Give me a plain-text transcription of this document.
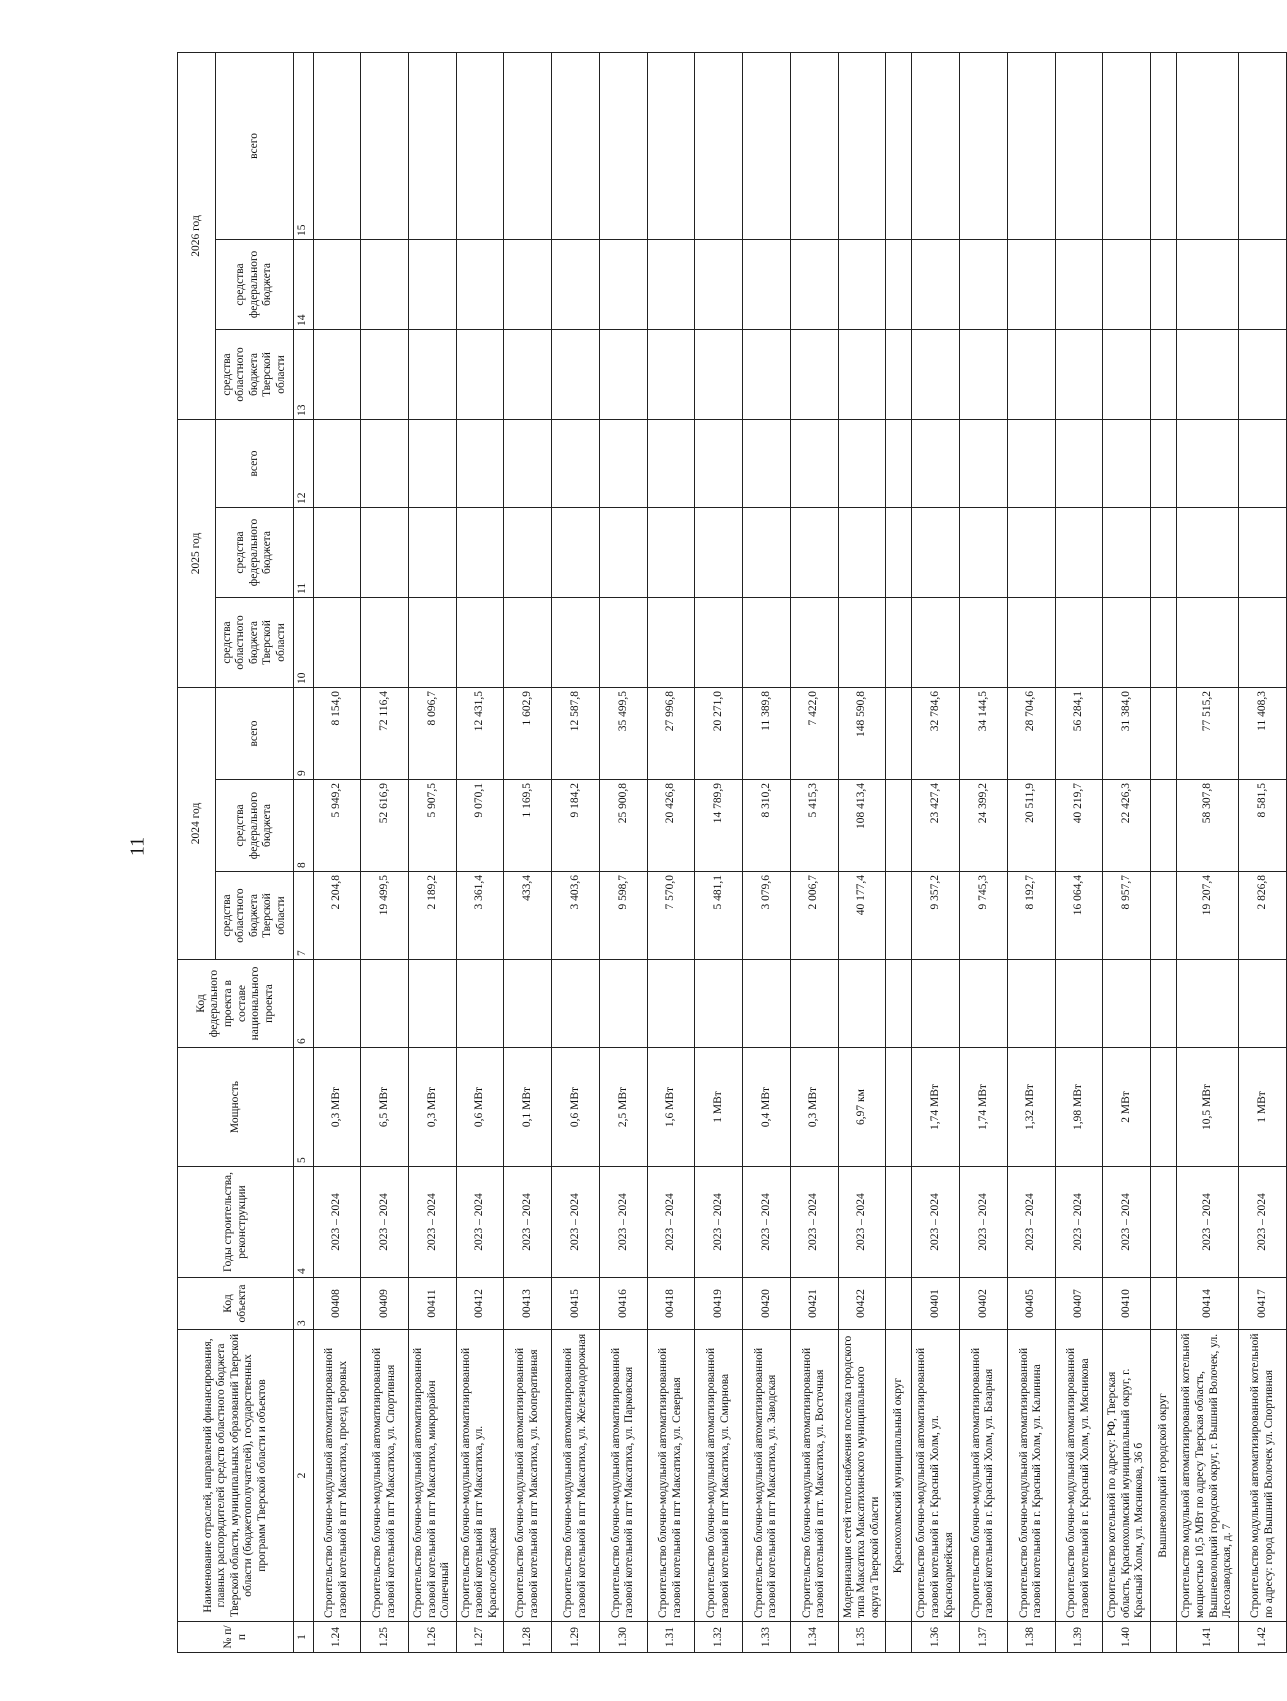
11
№ п/п	Наименование отраслей, направлений финансирования, главных распорядителей средств областного бюджета Тверской области, муниципальных образований Тверской области (бюджетополучателей), государственных программ Тверской области и объектов	Код объекта	Годы строительства, реконструкции	Мощность	Код федерального проекта в составе национального проекта	2024 год			2025 год			2026 год		
						средства областного бюджета Тверской области	средства федерального бюджета	всего	средства областного бюджета Тверской области	средства федерального бюджета	всего	средства областного бюджета Тверской области	средства федерального бюджета	всего
1	2	3	4	5	6	7	8	9	10	11	12	13	14	15
1.24	Строительство блочно-модульной автоматизированной газовой котельной в пгт Максатиха, проезд Боровых	00408	2023 – 2024	0,3 МВт		2 204,8	5 949,2	8 154,0						
1.25	Строительство блочно-модульной автоматизированной газовой котельной в пгт Максатиха, ул. Спортивная	00409	2023 – 2024	6,5 МВт		19 499,5	52 616,9	72 116,4						
1.26	Строительство блочно-модульной автоматизированной газовой котельной в пгт Максатиха, микрорайон Солнечный	00411	2023 – 2024	0,3 МВт		2 189,2	5 907,5	8 096,7						
1.27	Строительство блочно-модульной автоматизированной газовой котельной в пгт Максатиха, ул. Краснослободская	00412	2023 – 2024	0,6 МВт		3 361,4	9 070,1	12 431,5						
1.28	Строительство блочно-модульной автоматизированной газовой котельной в пгт Максатиха, ул. Кооперативная	00413	2023 – 2024	0,1 МВт		433,4	1 169,5	1 602,9						
1.29	Строительство блочно-модульной автоматизированной газовой котельной в пгт Максатиха, ул. Железнодорожная	00415	2023 – 2024	0,6 МВт		3 403,6	9 184,2	12 587,8						
1.30	Строительство блочно-модульной автоматизированной газовой котельной в пгт Максатиха, ул. Парковская	00416	2023 – 2024	2,5 МВт		9 598,7	25 900,8	35 499,5						
1.31	Строительство блочно-модульной автоматизированной газовой котельной в пгт Максатиха, ул. Северная	00418	2023 – 2024	1,6 МВт		7 570,0	20 426,8	27 996,8						
1.32	Строительство блочно-модульной автоматизированной газовой котельной в пгт Максатиха, ул. Смирнова	00419	2023 – 2024	1 МВт		5 481,1	14 789,9	20 271,0						
1.33	Строительство блочно-модульной автоматизированной газовой котельной в пгт Максатиха, ул. Заводская	00420	2023 – 2024	0,4 МВт		3 079,6	8 310,2	11 389,8						
1.34	Строительство блочно-модульной автоматизированной газовой котельной в пгт. Максатиха, ул. Восточная	00421	2023 – 2024	0,3 МВт		2 006,7	5 415,3	7 422,0						
1.35	Модернизация сетей теплоснабжения поселка городского типа Максатиха Максатихинского муниципального округа Тверской области	00422	2023 – 2024	6,97 км		40 177,4	108 413,4	148 590,8						
	Краснохолмский муниципальный округ													
1.36	Строительство блочно-модульной автоматизированной газовой котельной в г. Красный Холм, ул. Красноармейская	00401	2023 – 2024	1,74 МВт		9 357,2	23 427,4	32 784,6						
1.37	Строительство блочно-модульной автоматизированной газовой котельной в г. Красный Холм, ул. Базарная	00402	2023 – 2024	1,74 МВт		9 745,3	24 399,2	34 144,5						
1.38	Строительство блочно-модульной автоматизированной газовой котельной в г. Красный Холм, ул. Калинина	00405	2023 – 2024	1,32 МВт		8 192,7	20 511,9	28 704,6						
1.39	Строительство блочно-модульной автоматизированной газовой котельной в г. Красный Холм, ул. Мясникова	00407	2023 – 2024	1,98 МВт		16 064,4	40 219,7	56 284,1						
1.40	Строительство котельной по адресу: РФ, Тверская область, Краснохолмский муниципальный округ, г. Красный Холм, ул. Мясникова, 36 б	00410	2023 – 2024	2 МВт		8 957,7	22 426,3	31 384,0						
	Вышневолоцкий городской округ													
1.41	Строительство модульной автоматизированной котельной мощностью 10,5 МВт по адресу Тверская область, Вышневолоцкий городской округ, г. Вышний Волочек, ул. Лесозаводская, д. 7	00414	2023 – 2024	10,5 МВт		19 207,4	58 307,8	77 515,2						
1.42	Строительство модульной автоматизированной котельной по адресу: город Вышний Волочек ул. Спортивная	00417	2023 – 2024	1 МВт		2 826,8	8 581,5	11 408,3						
